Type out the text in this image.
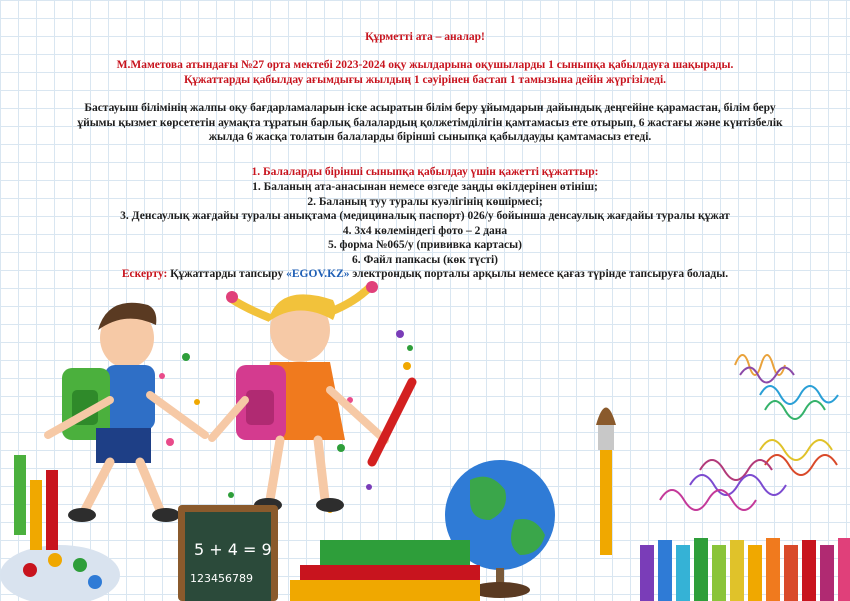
Құрметті ата – аналар!
М.Маметова атындағы №27 орта мектебі 2023-2024 оқу жылдарына оқушыларды 1 сыныпқа қабылдауға шақырады.
Құжаттарды қабылдау ағымдығы жылдың 1 сәуірінен бастап 1 тамызына дейін жүргізіледі.
Бастауыш білімінің жалпы оқу бағдарламаларын іске асыратын білім беру ұйымдарын дайындық деңгейіне қарамастан, білім беру ұйымы қызмет көрсететін аумақта тұратын барлық балалардың қолжетімділігін қамтамасыз ете отырып, 6 жастағы және күнтізбелік жылда 6 жасқа толатын балаларды бірінші сыныпқа қабылдауды қамтамасыз етеді.
1. Балаларды бірінші сыныпқа қабылдау үшін қажетті құжаттыр:
1. Баланың ата-анасынан немесе өзгеде заңды өкілдерінен өтініш;
2. Баланың туу туралы куәлігінің көшірмесі;
3. Денсаулық жағдайы туралы анықтама (медициналық паспорт) 026/у бойынша денсаулық жағдайы туралы құжат
4. 3х4 көлеміндегі фото – 2 дана
5. форма №065/у (прививка картасы)
6. Файл папкасы (көк түсті)
Ескерту: Құжаттарды тапсыру «EGOV.KZ» электрондық порталы арқылы немесе қағаз түрінде тапсыруға болады.
5 + 4 = 9
123456789
